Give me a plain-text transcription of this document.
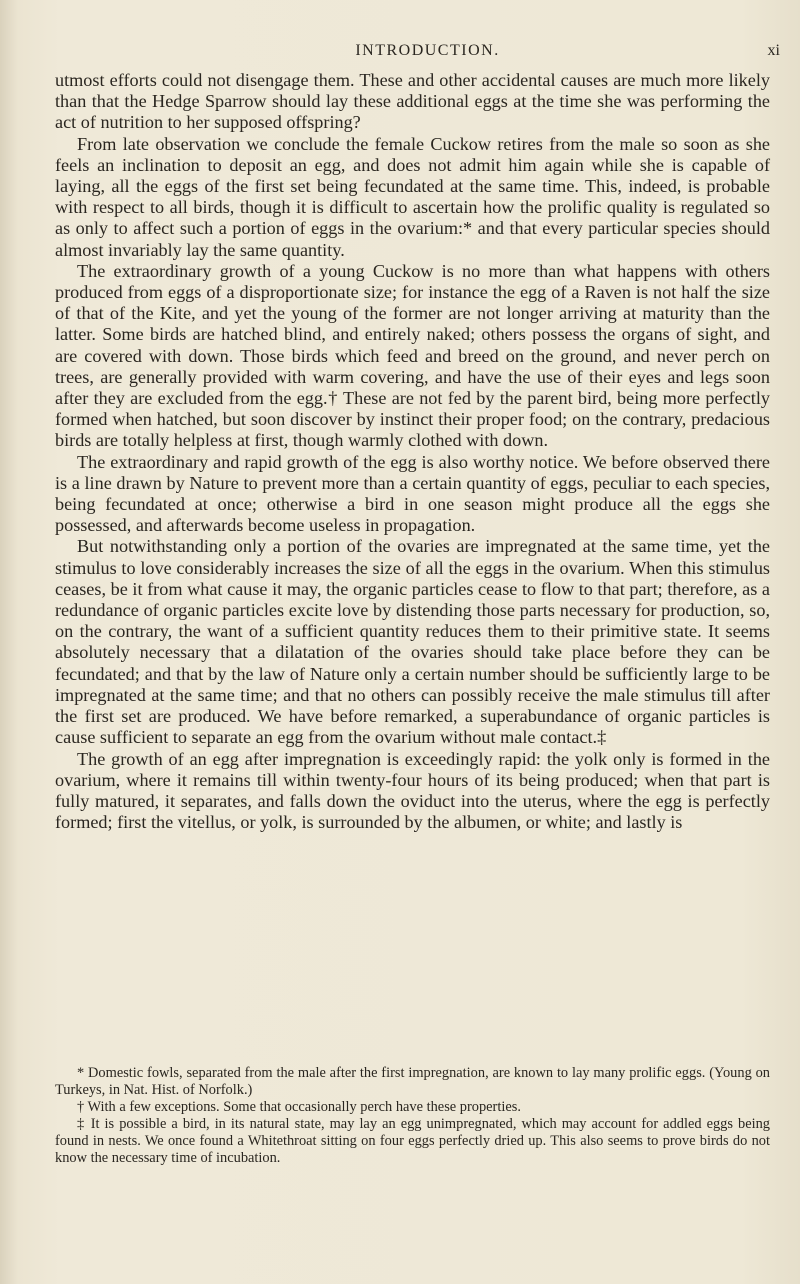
INTRODUCTION.	xi

utmost efforts could not disengage them. These and other accidental causes are much more likely than that the Hedge Sparrow should lay these additional eggs at the time she was performing the act of nutrition to her supposed offspring?

From late observation we conclude the female Cuckow retires from the male so soon as she feels an inclination to deposit an egg, and does not admit him again while she is capable of laying, all the eggs of the first set being fecundated at the same time. This, indeed, is probable with respect to all birds, though it is difficult to ascertain how the prolific quality is regulated so as only to affect such a portion of eggs in the ovarium:* and that every particular species should almost invariably lay the same quantity.

The extraordinary growth of a young Cuckow is no more than what happens with others produced from eggs of a disproportionate size; for instance the egg of a Raven is not half the size of that of the Kite, and yet the young of the former are not longer arriving at maturity than the latter. Some birds are hatched blind, and entirely naked; others possess the organs of sight, and are covered with down. Those birds which feed and breed on the ground, and never perch on trees, are generally provided with warm covering, and have the use of their eyes and legs soon after they are excluded from the egg.† These are not fed by the parent bird, being more perfectly formed when hatched, but soon discover by instinct their proper food; on the contrary, predacious birds are totally helpless at first, though warmly clothed with down.

The extraordinary and rapid growth of the egg is also worthy notice. We before observed there is a line drawn by Nature to prevent more than a certain quantity of eggs, peculiar to each species, being fecundated at once; otherwise a bird in one season might produce all the eggs she possessed, and afterwards become useless in propagation.

But notwithstanding only a portion of the ovaries are impregnated at the same time, yet the stimulus to love considerably increases the size of all the eggs in the ovarium. When this stimulus ceases, be it from what cause it may, the organic particles cease to flow to that part; therefore, as a redundance of organic particles excite love by distending those parts necessary for production, so, on the contrary, the want of a sufficient quantity reduces them to their primitive state. It seems absolutely necessary that a dilatation of the ovaries should take place before they can be fecundated; and that by the law of Nature only a certain number should be sufficiently large to be impregnated at the same time; and that no others can possibly receive the male stimulus till after the first set are produced. We have before remarked, a superabundance of organic particles is cause sufficient to separate an egg from the ovarium without male contact.‡

The growth of an egg after impregnation is exceedingly rapid: the yolk only is formed in the ovarium, where it remains till within twenty-four hours of its being produced; when that part is fully matured, it separates, and falls down the oviduct into the uterus, where the egg is perfectly formed; first the vitellus, or yolk, is surrounded by the albumen, or white; and lastly is

* Domestic fowls, separated from the male after the first impregnation, are known to lay many prolific eggs. (Young on Turkeys, in Nat. Hist. of Norfolk.)

† With a few exceptions. Some that occasionally perch have these properties.

‡ It is possible a bird, in its natural state, may lay an egg unimpregnated, which may account for addled eggs being found in nests. We once found a Whitethroat sitting on four eggs perfectly dried up. This also seems to prove birds do not know the necessary time of incubation.
